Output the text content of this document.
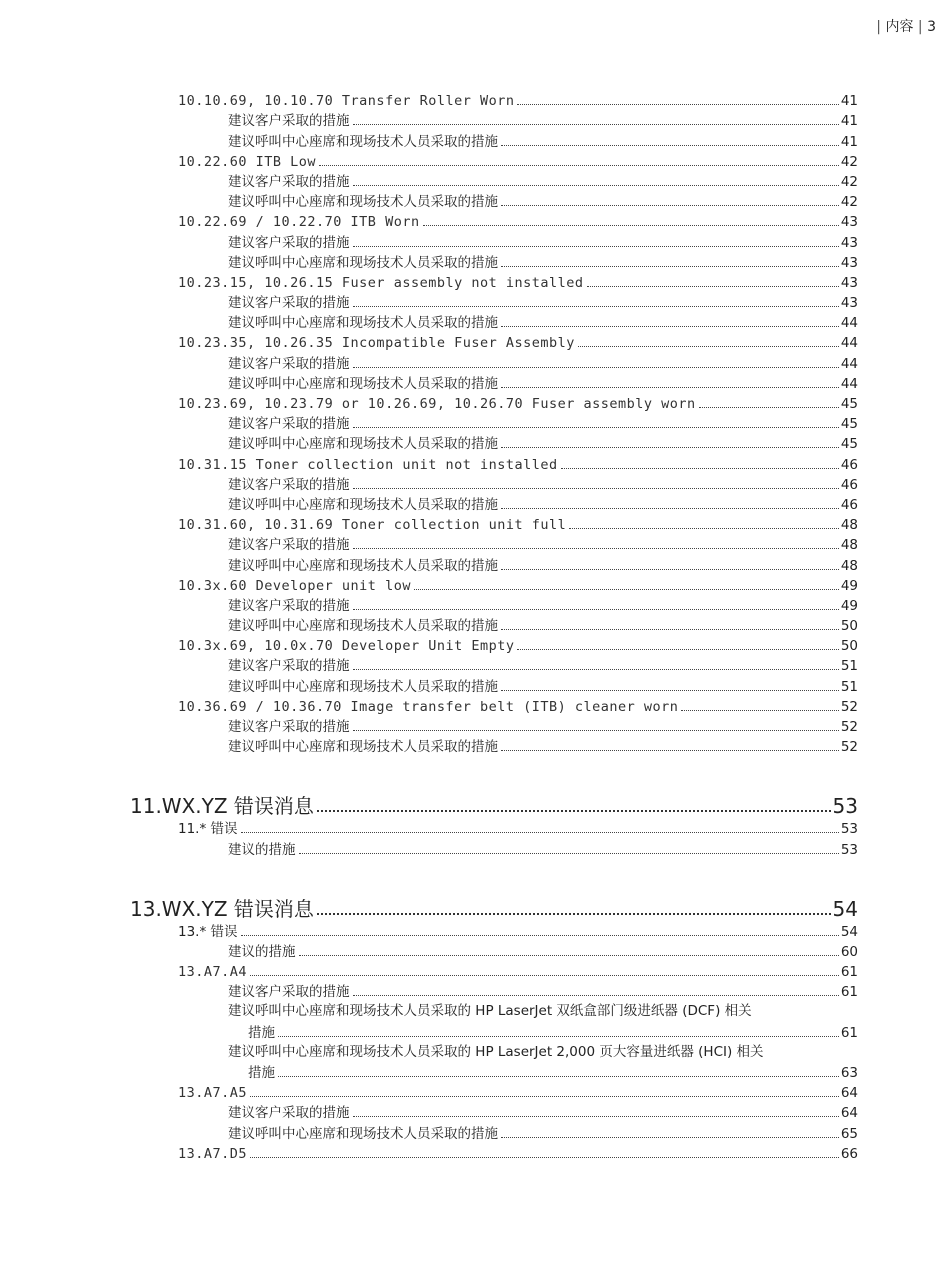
| 内容 | 3
10.10.69, 10.10.70 Transfer Roller Worn	41
建议客户采取的措施	41
建议呼叫中心座席和现场技术人员采取的措施	41
10.22.60 ITB Low	42
建议客户采取的措施	42
建议呼叫中心座席和现场技术人员采取的措施	42
10.22.69 / 10.22.70 ITB Worn	43
建议客户采取的措施	43
建议呼叫中心座席和现场技术人员采取的措施	43
10.23.15, 10.26.15 Fuser assembly not installed	43
建议客户采取的措施	43
建议呼叫中心座席和现场技术人员采取的措施	44
10.23.35, 10.26.35 Incompatible Fuser Assembly	44
建议客户采取的措施	44
建议呼叫中心座席和现场技术人员采取的措施	44
10.23.69, 10.23.79 or 10.26.69, 10.26.70 Fuser assembly worn	45
建议客户采取的措施	45
建议呼叫中心座席和现场技术人员采取的措施	45
10.31.15 Toner collection unit not installed	46
建议客户采取的措施	46
建议呼叫中心座席和现场技术人员采取的措施	46
10.31.60, 10.31.69 Toner collection unit full	48
建议客户采取的措施	48
建议呼叫中心座席和现场技术人员采取的措施	48
10.3x.60 Developer unit low	49
建议客户采取的措施	49
建议呼叫中心座席和现场技术人员采取的措施	50
10.3x.69, 10.0x.70 Developer Unit Empty	50
建议客户采取的措施	51
建议呼叫中心座席和现场技术人员采取的措施	51
10.36.69 / 10.36.70 Image transfer belt (ITB) cleaner worn	52
建议客户采取的措施	52
建议呼叫中心座席和现场技术人员采取的措施	52
11.WX.YZ 错误消息	53
11.* 错误	53
建议的措施	53
13.WX.YZ 错误消息	54
13.* 错误	54
建议的措施	60
13.A7.A4	61
建议客户采取的措施	61
建议呼叫中心座席和现场技术人员采取的 HP LaserJet 双纸盒部门级进纸器 (DCF) 相关
措施	61
建议呼叫中心座席和现场技术人员采取的 HP LaserJet 2,000 页大容量进纸器 (HCI) 相关
措施	63
13.A7.A5	64
建议客户采取的措施	64
建议呼叫中心座席和现场技术人员采取的措施	65
13.A7.D5	66
